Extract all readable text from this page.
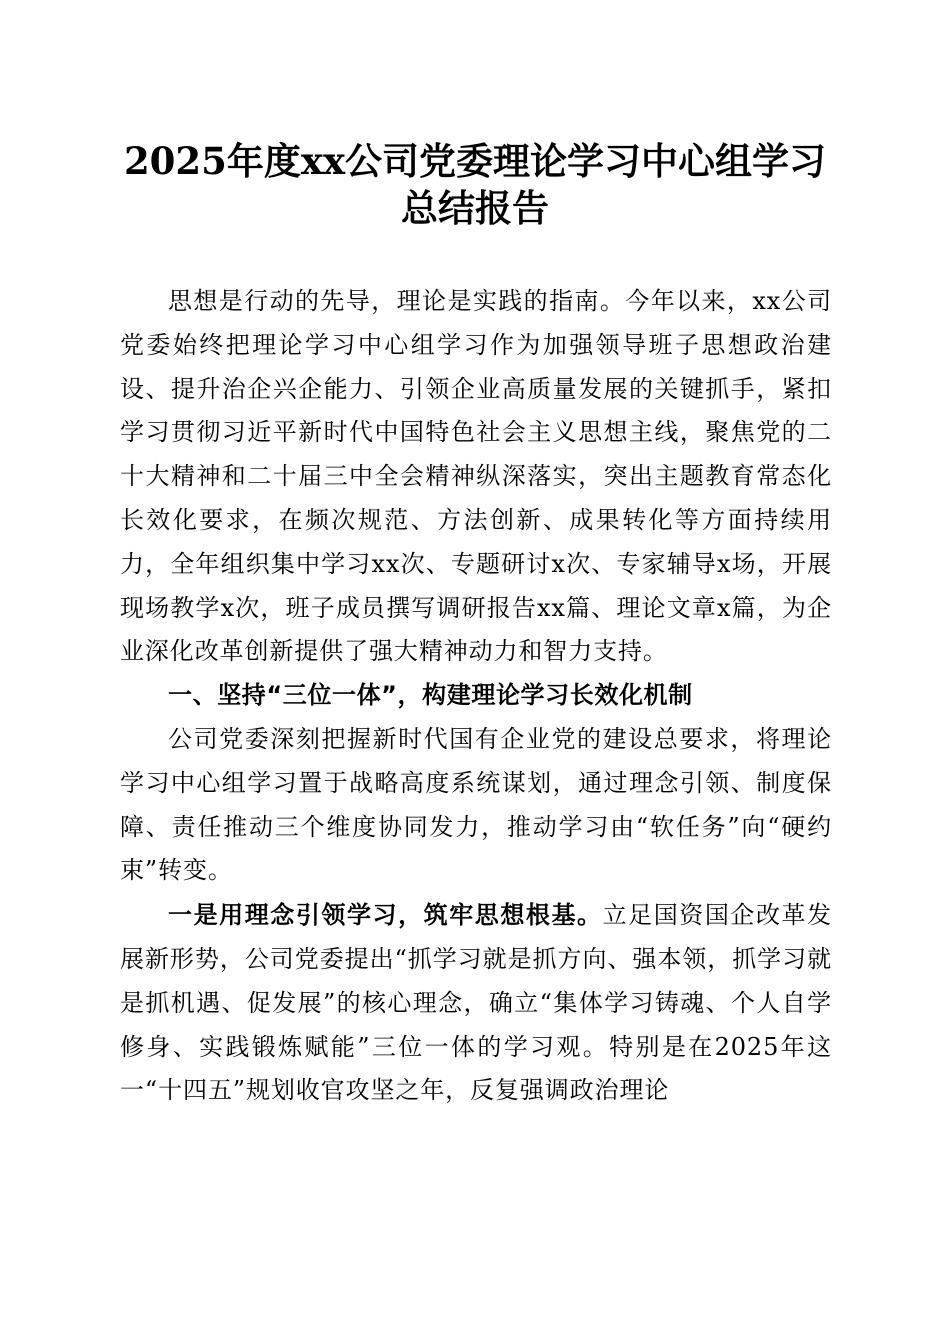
2025年度xx公司党委理论学习中心组学习总结报告

思想是行动的先导，理论是实践的指南。今年以来，xx公司党委始终把理论学习中心组学习作为加强领导班子思想政治建设、提升治企兴企能力、引领企业高质量发展的关键抓手，紧扣学习贯彻习近平新时代中国特色社会主义思想主线，聚焦党的二十大精神和二十届三中全会精神纵深落实，突出主题教育常态化长效化要求，在频次规范、方法创新、成果转化等方面持续用力，全年组织集中学习xx次、专题研讨x次、专家辅导x场，开展现场教学x次，班子成员撰写调研报告xx篇、理论文章x篇，为企业深化改革创新提供了强大精神动力和智力支持。

一、坚持“三位一体”，构建理论学习长效化机制

公司党委深刻把握新时代国有企业党的建设总要求，将理论学习中心组学习置于战略高度系统谋划，通过理念引领、制度保障、责任推动三个维度协同发力，推动学习由“软任务”向“硬约束”转变。

一是用理念引领学习，筑牢思想根基。立足国资国企改革发展新形势，公司党委提出“抓学习就是抓方向、强本领，抓学习就是抓机遇、促发展”的核心理念，确立“集体学习铸魂、个人自学修身、实践锻炼赋能”三位一体的学习观。特别是在2025年这一“十四五”规划收官攻坚之年，反复强调政治理论
